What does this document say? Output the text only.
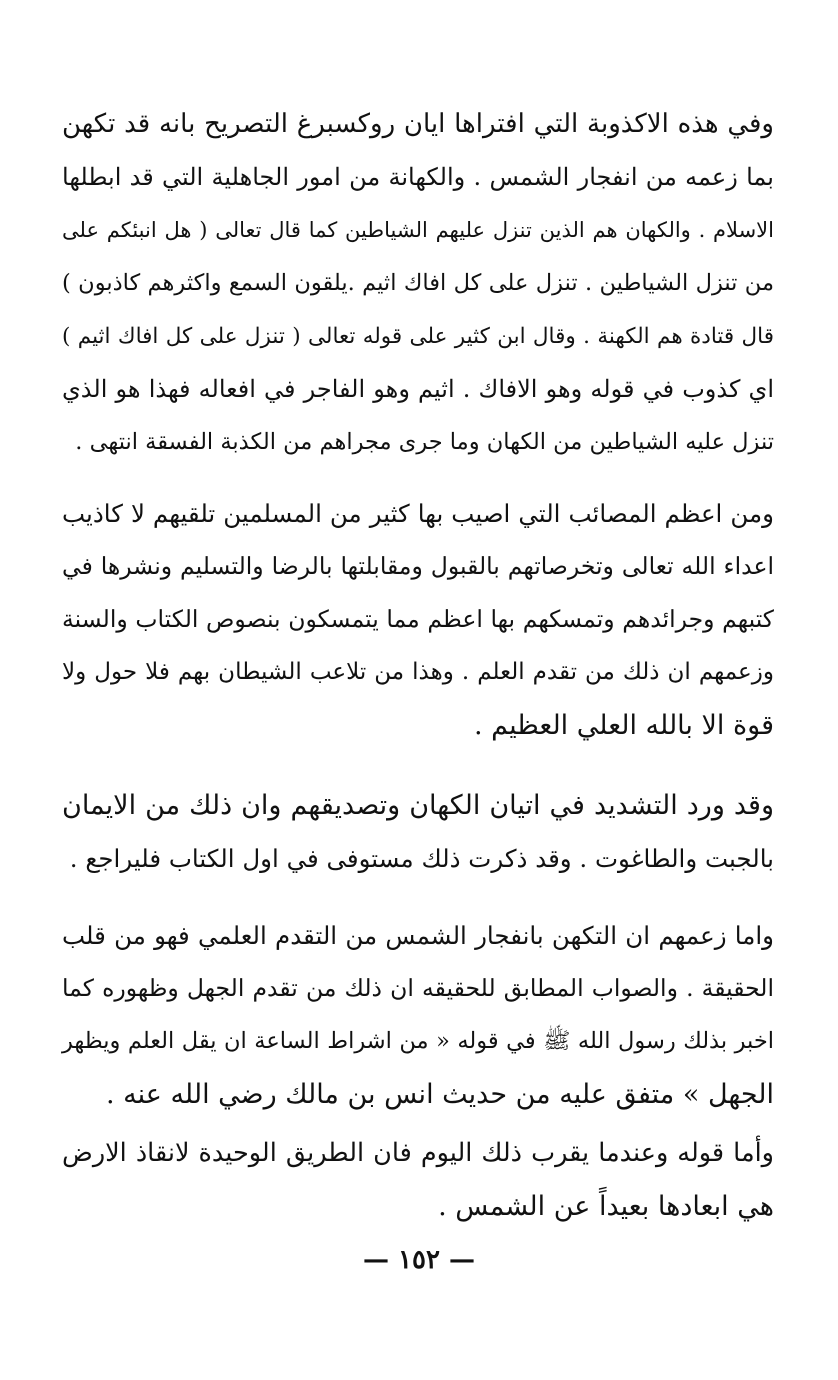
وفي هذه الاكذوبة التي افتراها ايان روكسبرغ التصريح بانه قد تكهن
بما زعمه من انفجار الشمس . والكهانة من امور الجاهلية التي قد ابطلها
الاسلام . والكهان هم الذين تنزل عليهم الشياطين كما قال تعالى ( هل انبئكم على
من تنزل الشياطين . تنزل على كل افاك اثيم .يلقون السمع واكثرهم كاذبون )
قال قتادة هم الكهنة . وقال ابن كثير على قوله تعالى ( تنزل على كل افاك اثيم )
اي كذوب في قوله وهو الافاك . اثيم وهو الفاجر في افعاله فهذا هو الذي
تنزل عليه الشياطين من الكهان وما جرى مجراهم من الكذبة الفسقة انتهى .
ومن اعظم المصائب التي اصيب بها كثير من المسلمين تلقيهم لا كاذيب
اعداء الله تعالى وتخرصاتهم بالقبول ومقابلتها بالرضا والتسليم ونشرها في
كتبهم وجرائدهم وتمسكهم بها اعظم مما يتمسكون بنصوص الكتاب والسنة
وزعمهم ان ذلك من تقدم العلم . وهذا من تلاعب الشيطان بهم فلا حول ولا
قوة الا بالله العلي العظيم .
وقد ورد التشديد في اتيان الكهان وتصديقهم وان ذلك من الايمان
بالجبت والطاغوت . وقد ذكرت ذلك مستوفى في اول الكتاب فليراجع .
واما زعمهم ان التكهن بانفجار الشمس من التقدم العلمي فهو من قلب
الحقيقة . والصواب المطابق للحقيقه ان ذلك من تقدم الجهل وظهوره كما
اخبر بذلك رسول الله ﷺ في قوله « من اشراط الساعة ان يقل العلم ويظهر
الجهل » متفق عليه من حديث انس بن مالك رضي الله عنه .
وأما قوله وعندما يقرب ذلك اليوم فان الطريق الوحيدة لانقاذ الارض
هي ابعادها بعيداً عن الشمس .
— ١٥٢ —
